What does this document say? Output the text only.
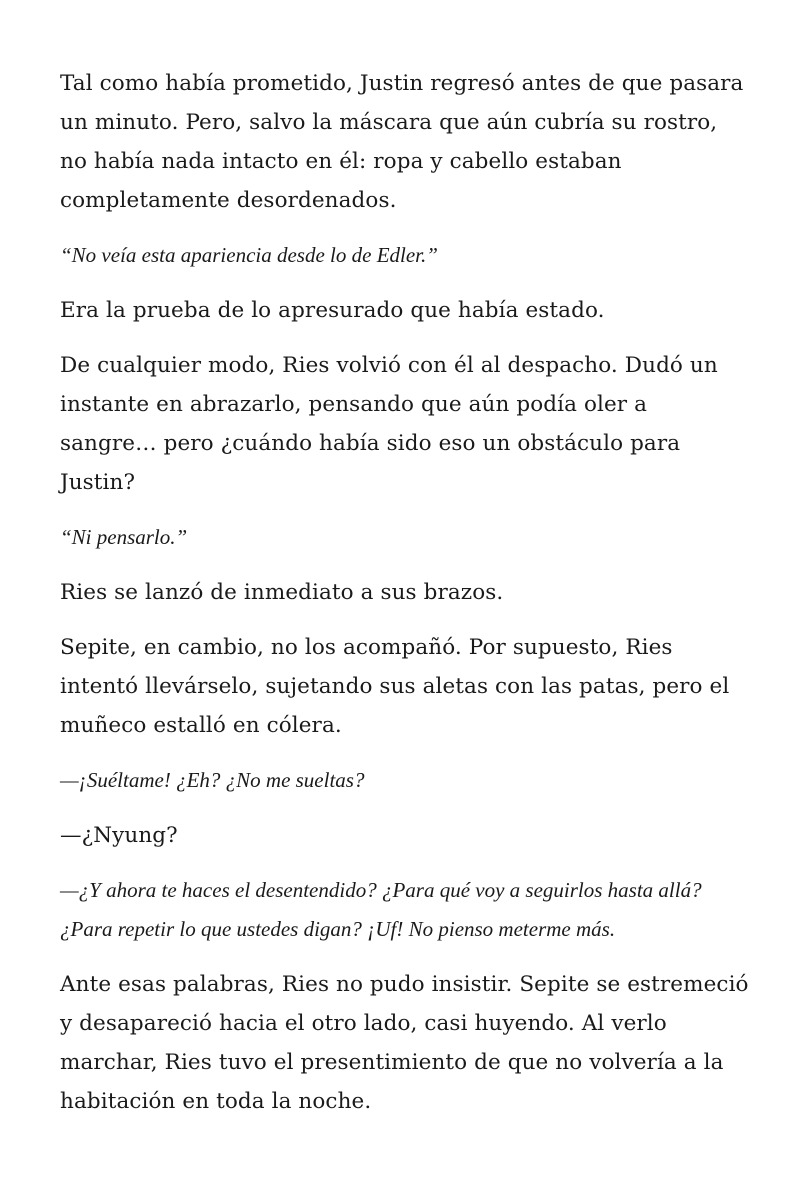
Tal como había prometido, Justin regresó antes de que pasara un minuto. Pero, salvo la máscara que aún cubría su rostro, no había nada intacto en él: ropa y cabello estaban completamente desordenados.

“No veía esta apariencia desde lo de Edler.”

Era la prueba de lo apresurado que había estado.

De cualquier modo, Ries volvió con él al despacho. Dudó un instante en abrazarlo, pensando que aún podía oler a sangre… pero ¿cuándo había sido eso un obstáculo para Justin?

“Ni pensarlo.”

Ries se lanzó de inmediato a sus brazos.

Sepite, en cambio, no los acompañó. Por supuesto, Ries intentó llevárselo, sujetando sus aletas con las patas, pero el muñeco estalló en cólera.

—¡Suéltame! ¿Eh? ¿No me sueltas?

—¿Nyung?

—¿Y ahora te haces el desentendido? ¿Para qué voy a seguirlos hasta allá? ¿Para repetir lo que ustedes digan? ¡Uf! No pienso meterme más.

Ante esas palabras, Ries no pudo insistir. Sepite se estremeció y desapareció hacia el otro lado, casi huyendo. Al verlo marchar, Ries tuvo el presentimiento de que no volvería a la habitación en toda la noche.
